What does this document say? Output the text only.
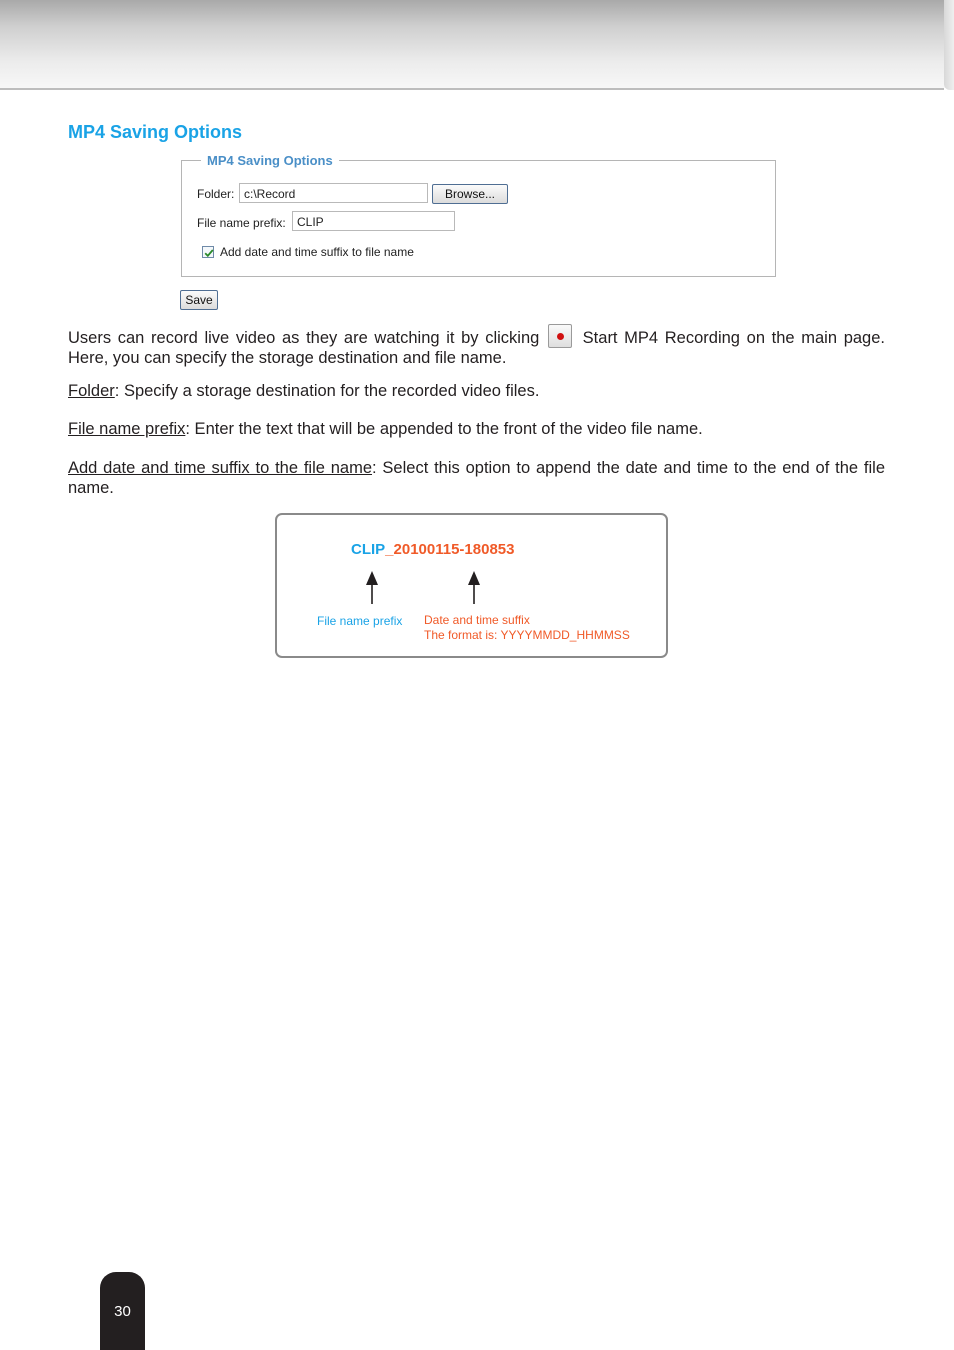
MP4 Saving Options
MP4 Saving Options
Folder: c:\Record	Browse...
File name prefix: CLIP
Add date and time suffix to file name
Save
Users can record live video as they are watching it by clicking	Start MP4 Recording on the main page. Here, you can specify the storage destination and file name.
Folder: Specify a storage destination for the recorded video files.
File name prefix: Enter the text that will be appended to the front of the video file name.
Add date and time suffix to the file name: Select this option to append the date and time to the end of the file name.
CLIP_20100115-180853
File name prefix Date and time suffix
The format is: YYYYMMDD_HHMMSS
30
